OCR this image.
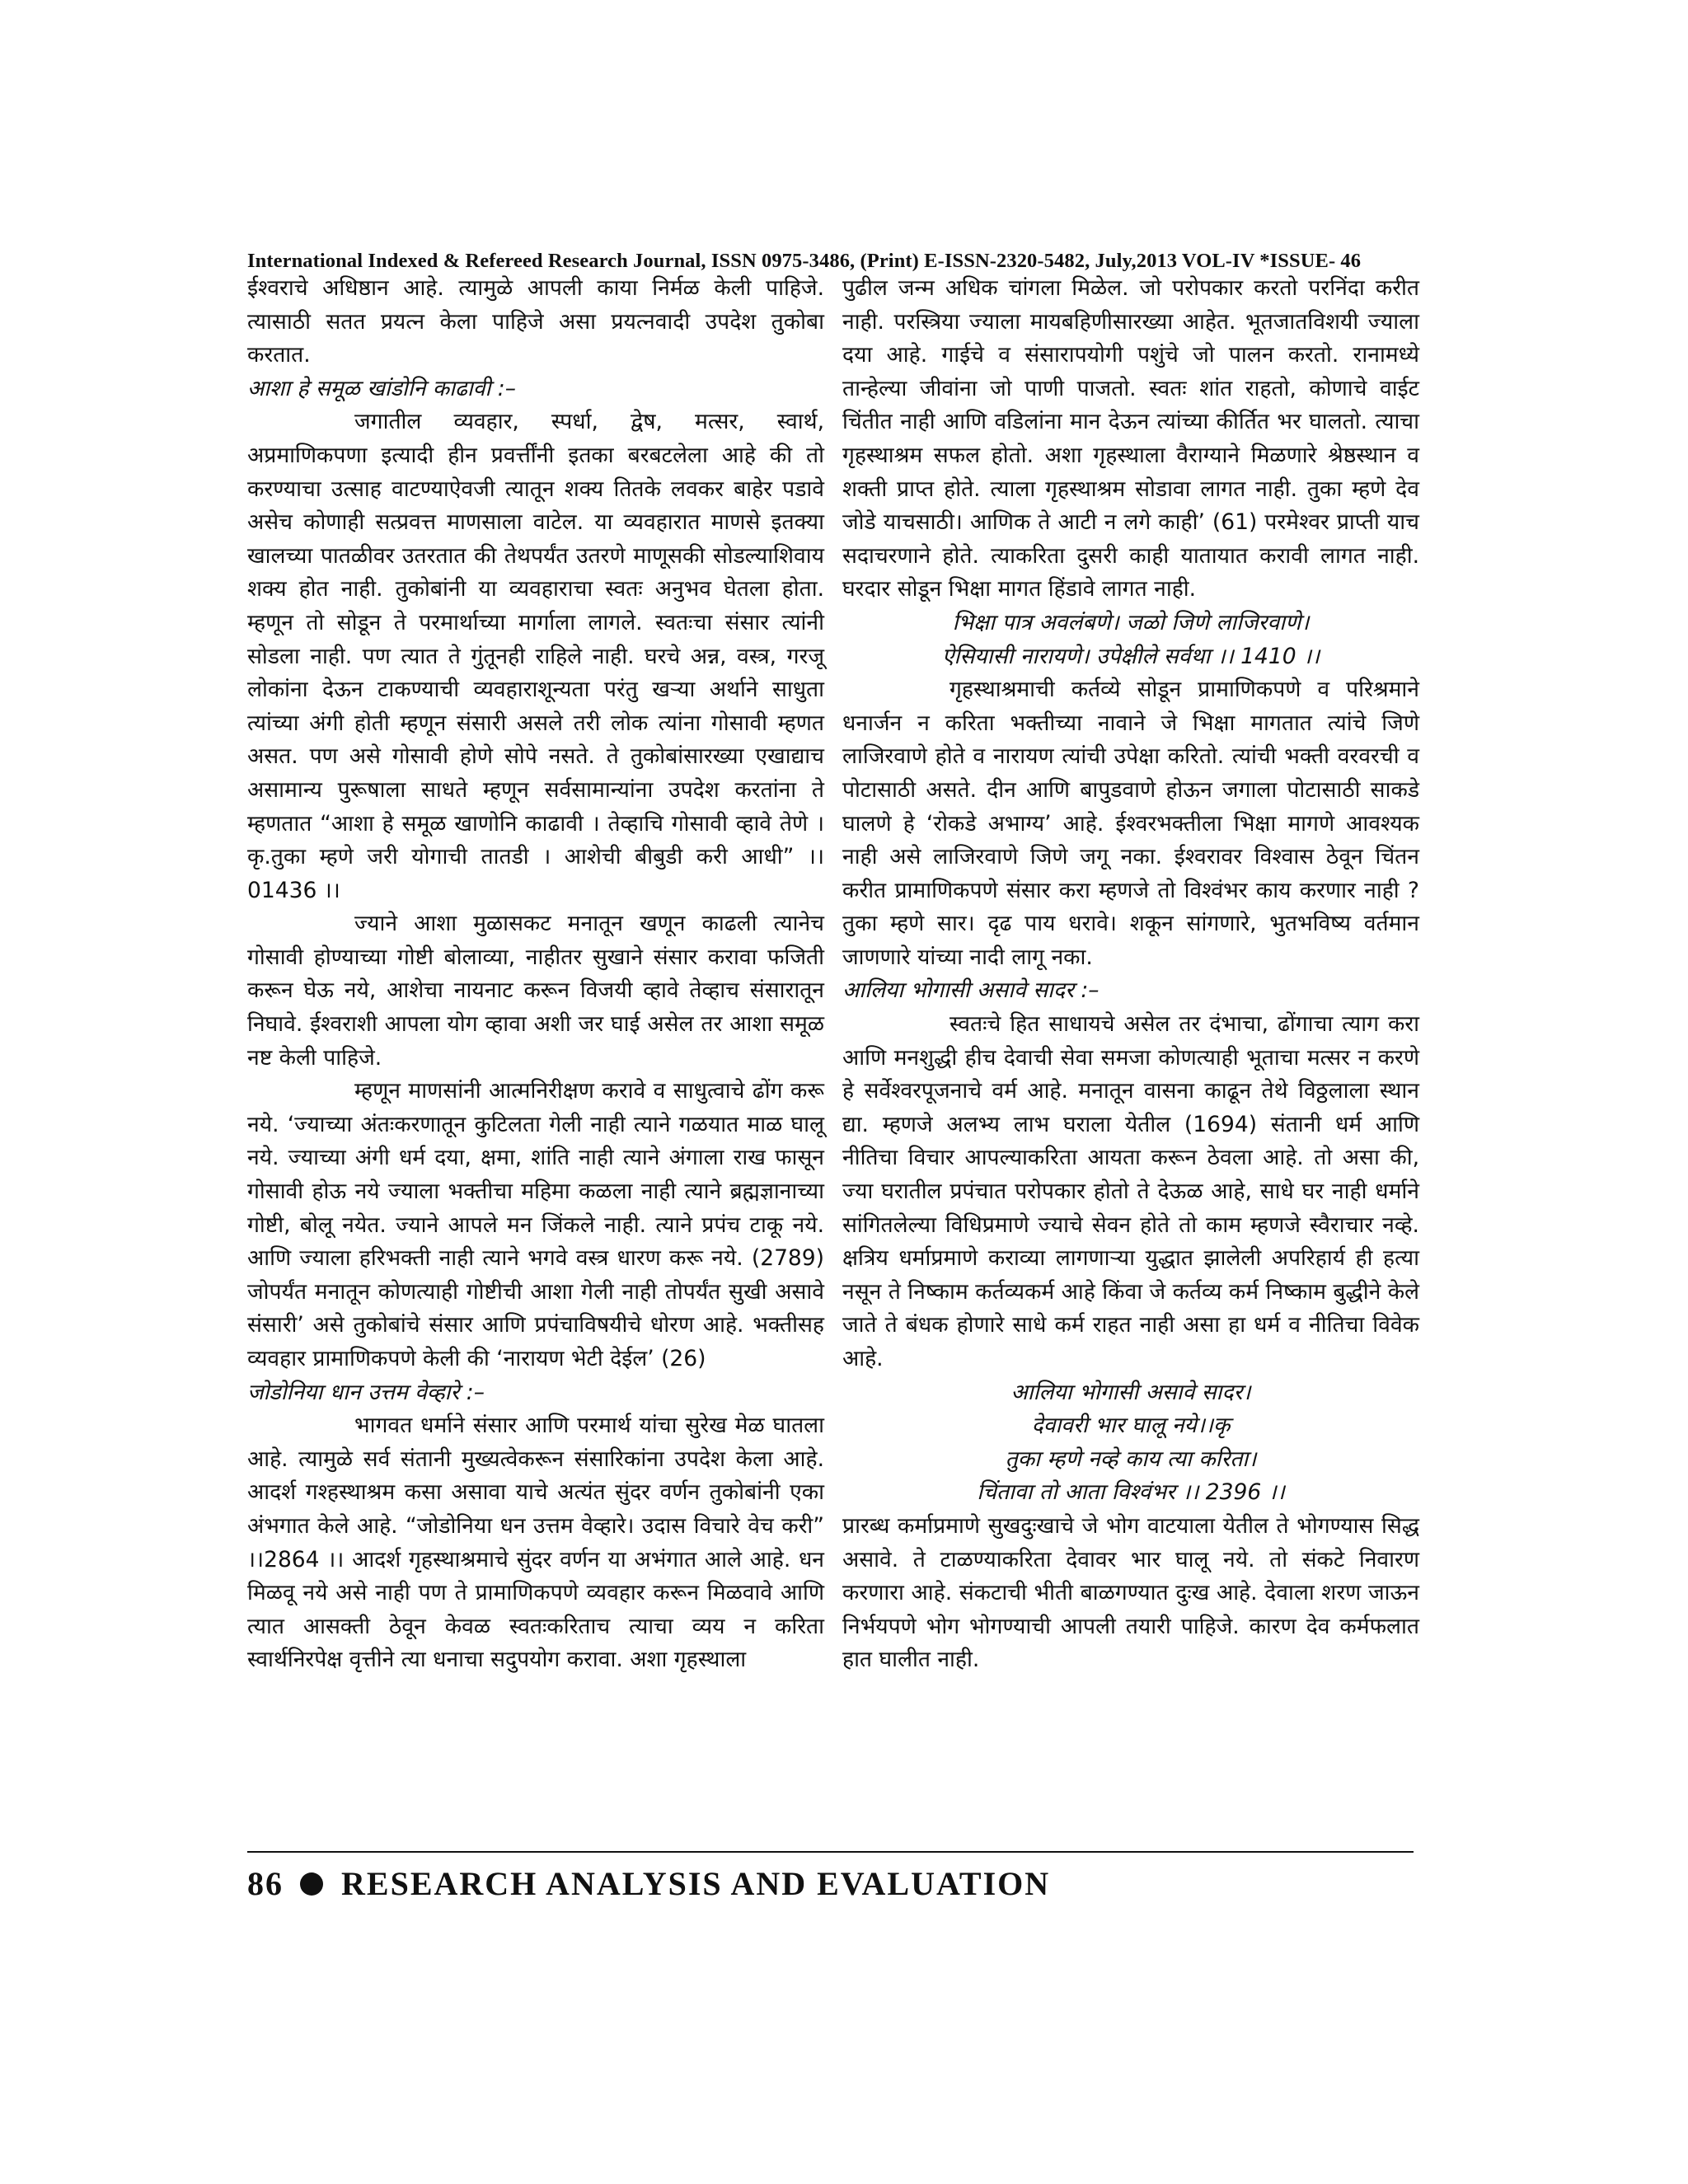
International Indexed & Refereed Research Journal, ISSN 0975-3486, (Print) E-ISSN-2320-5482, July,2013 VOL-IV *ISSUE- 46

ईश्वराचे अधिष्ठान आहे. त्यामुळे आपली काया निर्मळ केली पाहिजे. त्यासाठी सतत प्रयत्न केला पाहिजे असा प्रयत्नवादी उपदेश तुकोबा करतात.

आशा हे समूळ खांडोनि काढावी :–

जगातील व्यवहार, स्पर्धा, द्वेष, मत्सर, स्वार्थ, अप्रमाणिकपणा इत्यादी हीन प्रवर्त्तींनी इतका बरबटलेला आहे की तो करण्याचा उत्साह वाटण्याऐवजी त्यातून शक्य तितके लवकर बाहेर पडावे असेच कोणाही सत्प्रवत्त माणसाला वाटेल. या व्यवहारात माणसे इतक्या खालच्या पातळीवर उतरतात की तेथपर्यंत उतरणे माणूसकी सोडल्याशिवाय शक्य होत नाही. तुकोबांनी या व्यवहाराचा स्वतः अनुभव घेतला होता. म्हणून तो सोडून ते परमार्थाच्या मार्गाला लागले. स्वतःचा संसार त्यांनी सोडला नाही. पण त्यात ते गुंतूनही राहिले नाही. घरचे अन्न, वस्त्र, गरजू लोकांना देऊन टाकण्याची व्यवहाराशून्यता परंतु खऱ्या अर्थाने साधुता त्यांच्या अंगी होती म्हणून संसारी असले तरी लोक त्यांना गोसावी म्हणत असत. पण असे गोसावी होणे सोपे नसते. ते तुकोबांसारख्या एखाद्याच असामान्य पुरूषाला साधते म्हणून सर्वसामान्यांना उपदेश करतांना ते म्हणतात “आशा हे समूळ खाणोनि काढावी । तेव्हाचि गोसावी व्हावे तेणे । कृ.तुका म्हणे जरी योगाची तातडी । आशेची बीबुडी करी आधी” ।। 01436 ।।

ज्याने आशा मुळासकट मनातून खणून काढली त्यानेच गोसावी होण्याच्या गोष्टी बोलाव्या, नाहीतर सुखाने संसार करावा फजिती करून घेऊ नये, आशेचा नायनाट करून विजयी व्हावे तेव्हाच संसारातून निघावे. ईश्वराशी आपला योग व्हावा अशी जर घाई असेल तर आशा समूळ नष्ट केली पाहिजे.

म्हणून माणसांनी आत्मनिरीक्षण करावे व साधुत्वाचे ढोंग करू नये. ‘ज्याच्या अंतःकरणातून कुटिलता गेली नाही त्याने गळयात माळ घालू नये. ज्याच्या अंगी धर्म दया, क्षमा, शांति नाही त्याने अंगाला राख फासून गोसावी होऊ नये ज्याला भक्तीचा महिमा कळला नाही त्याने ब्रह्मज्ञानाच्या गोष्टी, बोलू नयेत. ज्याने आपले मन जिंकले नाही. त्याने प्रपंच टाकू नये. आणि ज्याला हरिभक्ती नाही त्याने भगवे वस्त्र धारण करू नये. (2789) जोपर्यंत मनातून कोणत्याही गोष्टीची आशा गेली नाही तोपर्यंत सुखी असावे संसारी’ असे तुकोबांचे संसार आणि प्रपंचाविषयीचे धोरण आहे. भक्तीसह व्यवहार प्रामाणिकपणे केली की ‘नारायण भेटी देईल’ (26)

जोडोनिया धान उत्तम वेव्हारे :–

भागवत धर्माने संसार आणि परमार्थ यांचा सुरेख मेळ घातला आहे. त्यामुळे सर्व संतानी मुख्यत्वेकरून संसारिकांना उपदेश केला आहे. आदर्श गश्हस्थाश्रम कसा असावा याचे अत्यंत सुंदर वर्णन तुकोबांनी एका अंभगात केले आहे. “जोडोनिया धन उत्तम वेव्हारे। उदास विचारे वेच करी” ।।2864 ।। आदर्श गृहस्थाश्रमाचे सुंदर वर्णन या अभंगात आले आहे. धन मिळवू नये असे नाही पण ते प्रामाणिकपणे व्यवहार करून मिळवावे आणि त्यात आसक्ती ठेवून केवळ स्वतःकरिताच त्याचा व्यय न करिता स्वार्थनिरपेक्ष वृत्तीने त्या धनाचा सदुपयोग करावा. अशा गृहस्थाला

पुढील जन्म अधिक चांगला मिळेल. जो परोपकार करतो परनिंदा करीत नाही. परस्त्रिया ज्याला मायबहिणीसारख्या आहेत. भूतजातविशयी ज्याला दया आहे. गाईचे व संसारापयोगी पशुंचे जो पालन करतो. रानामध्ये तान्हेल्या जीवांना जो पाणी पाजतो. स्वतः शांत राहतो, कोणाचे वाईट चिंतीत नाही आणि वडिलांना मान देऊन त्यांच्या कीर्तित भर घालतो. त्याचा गृहस्थाश्रम सफल होतो. अशा गृहस्थाला वैराग्याने मिळणारे श्रेष्ठस्थान व शक्ती प्राप्त होते. त्याला गृहस्थाश्रम सोडावा लागत नाही. तुका म्हणे देव जोडे याचसाठी। आणिक ते आटी न लगे काही’ (61) परमेश्वर प्राप्ती याच सदाचरणाने होते. त्याकरिता दुसरी काही यातायात करावी लागत नाही. घरदार सोडून भिक्षा मागत हिंडावे लागत नाही.

भिक्षा पात्र अवलंबणे। जळो जिणे लाजिरवाणे।

ऐसियासी नारायणे। उपेक्षीले सर्वथा ।। 1410 ।।

गृहस्थाश्रमाची कर्तव्ये सोडून प्रामाणिकपणे व परिश्रमाने धनार्जन न करिता भक्तीच्या नावाने जे भिक्षा मागतात त्यांचे जिणे लाजिरवाणे होते व नारायण त्यांची उपेक्षा करितो. त्यांची भक्ती वरवरची व पोटासाठी असते. दीन आणि बापुडवाणे होऊन जगाला पोटासाठी साकडे घालणे हे ‘रोकडे अभाग्य’ आहे. ईश्वरभक्तीला भिक्षा मागणे आवश्यक नाही असे लाजिरवाणे जिणे जगू नका. ईश्वरावर विश्वास ठेवून चिंतन करीत प्रामाणिकपणे संसार करा म्हणजे तो विश्वंभर काय करणार नाही ? तुका म्हणे सार। दृढ पाय धरावे। शकून सांगणारे, भुतभविष्य वर्तमान जाणणारे यांच्या नादी लागू नका.

आलिया भोगासी असावे सादर :–

स्वतःचे हित साधायचे असेल तर दंभाचा, ढोंगाचा त्याग करा आणि मनशुद्धी हीच देवाची सेवा समजा कोणत्याही भूताचा मत्सर न करणे हे सर्वेश्वरपूजनाचे वर्म आहे. मनातून वासना काढून तेथे विठ्ठलाला स्थान द्या. म्हणजे अलभ्य लाभ घराला येतील (1694) संतानी धर्म आणि नीतिचा विचार आपल्याकरिता आयता करून ठेवला आहे. तो असा की, ज्या घरातील प्रपंचात परोपकार होतो ते देऊळ आहे, साधे घर नाही धर्माने सांगितलेल्या विधिप्रमाणे ज्याचे सेवन होते तो काम म्हणजे स्वैराचार नव्हे. क्षत्रिय धर्माप्रमाणे कराव्या लागणाऱ्या युद्धात झालेली अपरिहार्य ही हत्या नसून ते निष्काम कर्तव्यकर्म आहे किंवा जे कर्तव्य कर्म निष्काम बुद्धीने केले जाते ते बंधक होणारे साधे कर्म राहत नाही असा हा धर्म व नीतिचा विवेक आहे.

आलिया भोगासी असावे सादर।

देवावरी भार घालू नये।।कृ

तुका म्हणे नव्हे काय त्या करिता।

चिंतावा तो आता विश्वंभर ।। 2396 ।।

प्रारब्ध कर्माप्रमाणे सुखदुःखाचे जे भोग वाटयाला येतील ते भोगण्यास सिद्ध असावे. ते टाळण्याकरिता देवावर भार घालू नये. तो संकटे निवारण करणारा आहे. संकटाची भीती बाळगण्यात दुःख आहे. देवाला शरण जाऊन निर्भयपणे भोग भोगण्याची आपली तयारी पाहिजे. कारण देव कर्मफलात हात घालीत नाही.

86 RESEARCH ANALYSIS AND EVALUATION
